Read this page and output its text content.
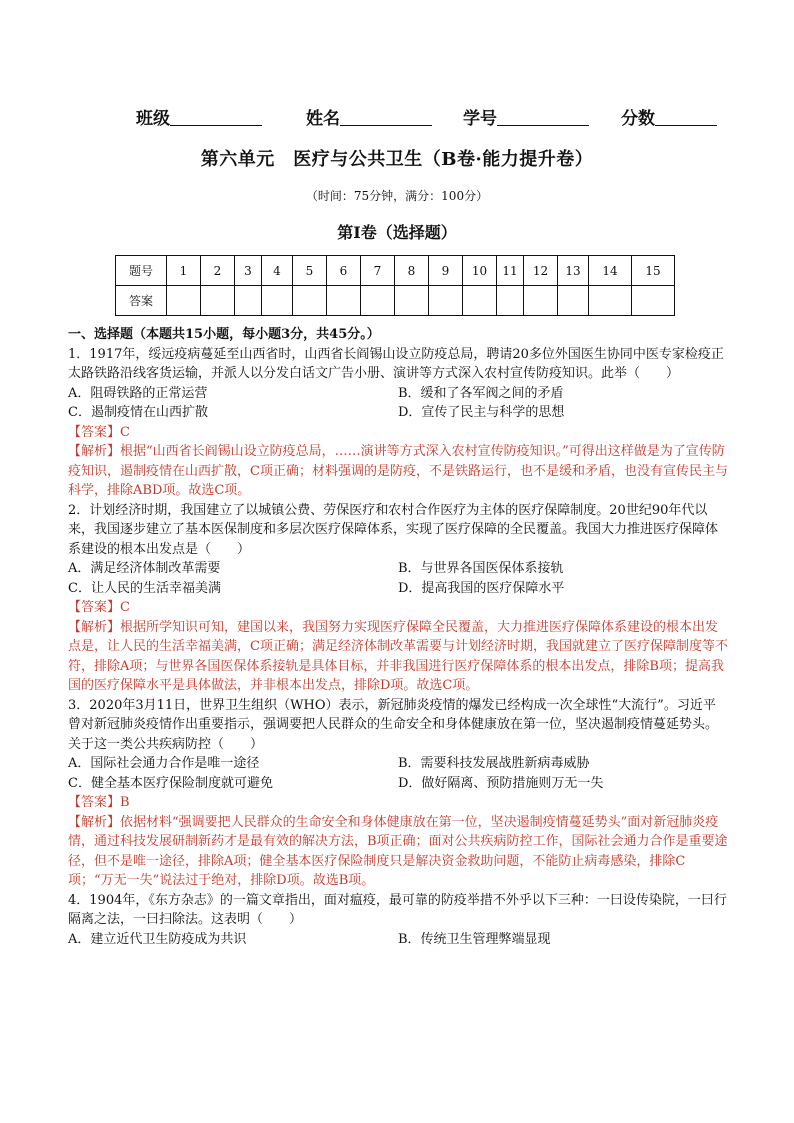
班级	姓名	学号	分数
第六单元　医疗与公共卫生（B卷·能力提升卷）
（时间：75分钟，满分：100分）
第Ⅰ卷（选择题）
题号	1	2	3	4	5	6	7	8	9	10	11	12	13	14	15
答案															

一、选择题（本题共15小题，每小题3分，共45分。）

1．1917年，绥远疫病蔓延至山西省时，山西省长阎锡山设立防疫总局，聘请20多位外国医生协同中医专家检疫正太路铁路沿线客货运输，并派人以分发白话文广告小册、演讲等方式深入农村宣传防疫知识。此举（　　）

A．阻碍铁路的正常运营	B．缓和了各军阀之间的矛盾
C．遏制疫情在山西扩散	D．宣传了民主与科学的思想

【答案】C

【解析】根据“山西省长阎锡山设立防疫总局，……演讲等方式深入农村宣传防疫知识。”可得出这样做是为了宣传防疫知识，遏制疫情在山西扩散，C项正确；材料强调的是防疫，不是铁路运行，也不是缓和矛盾，也没有宣传民主与科学，排除ABD项。故选C项。

2．计划经济时期，我国建立了以城镇公费、劳保医疗和农村合作医疗为主体的医疗保障制度。20世纪90年代以来，我国逐步建立了基本医保制度和多层次医疗保障体系，实现了医疗保障的全民覆盖。我国大力推进医疗保障体系建设的根本出发点是（　　）

A．满足经济体制改革需要	B．与世界各国医保体系接轨
C．让人民的生活幸福美满	D．提高我国的医疗保障水平

【答案】C

【解析】根据所学知识可知，建国以来，我国努力实现医疗保障全民覆盖，大力推进医疗保障体系建设的根本出发点是，让人民的生活幸福美满，C项正确；满足经济体制改革需要与计划经济时期，我国就建立了医疗保障制度等不符，排除A项；与世界各国医保体系接轨是具体目标，并非我国进行医疗保障体系的根本出发点，排除B项；提高我国的医疗保障水平是具体做法，并非根本出发点，排除D项。故选C项。

3．2020年3月11日，世界卫生组织（WHO）表示，新冠肺炎疫情的爆发已经构成一次全球性“大流行”。习近平曾对新冠肺炎疫情作出重要指示，强调要把人民群众的生命安全和身体健康放在第一位，坚决遏制疫情蔓延势头。关于这一类公共疾病防控（　　）

A．国际社会通力合作是唯一途径	B．需要科技发展战胜新病毒威胁
C．健全基本医疗保险制度就可避免	D．做好隔离、预防措施则万无一失

【答案】B

【解析】依据材料“强调要把人民群众的生命安全和身体健康放在第一位，坚决遏制疫情蔓延势头”面对新冠肺炎疫情，通过科技发展研制新药才是最有效的解决方法，B项正确；面对公共疾病防控工作，国际社会通力合作是重要途径，但不是唯一途径，排除A项；健全基本医疗保险制度只是解决资金救助问题，不能防止病毒感染，排除C项；“万无一失”说法过于绝对，排除D项。故选B项。

4．1904年，《东方杂志》的一篇文章指出，面对瘟疫，最可靠的防疫举措不外乎以下三种：一曰设传染院，一曰行隔离之法，一曰扫除法。这表明（　　）

A．建立近代卫生防疫成为共识	B．传统卫生管理弊端显现
